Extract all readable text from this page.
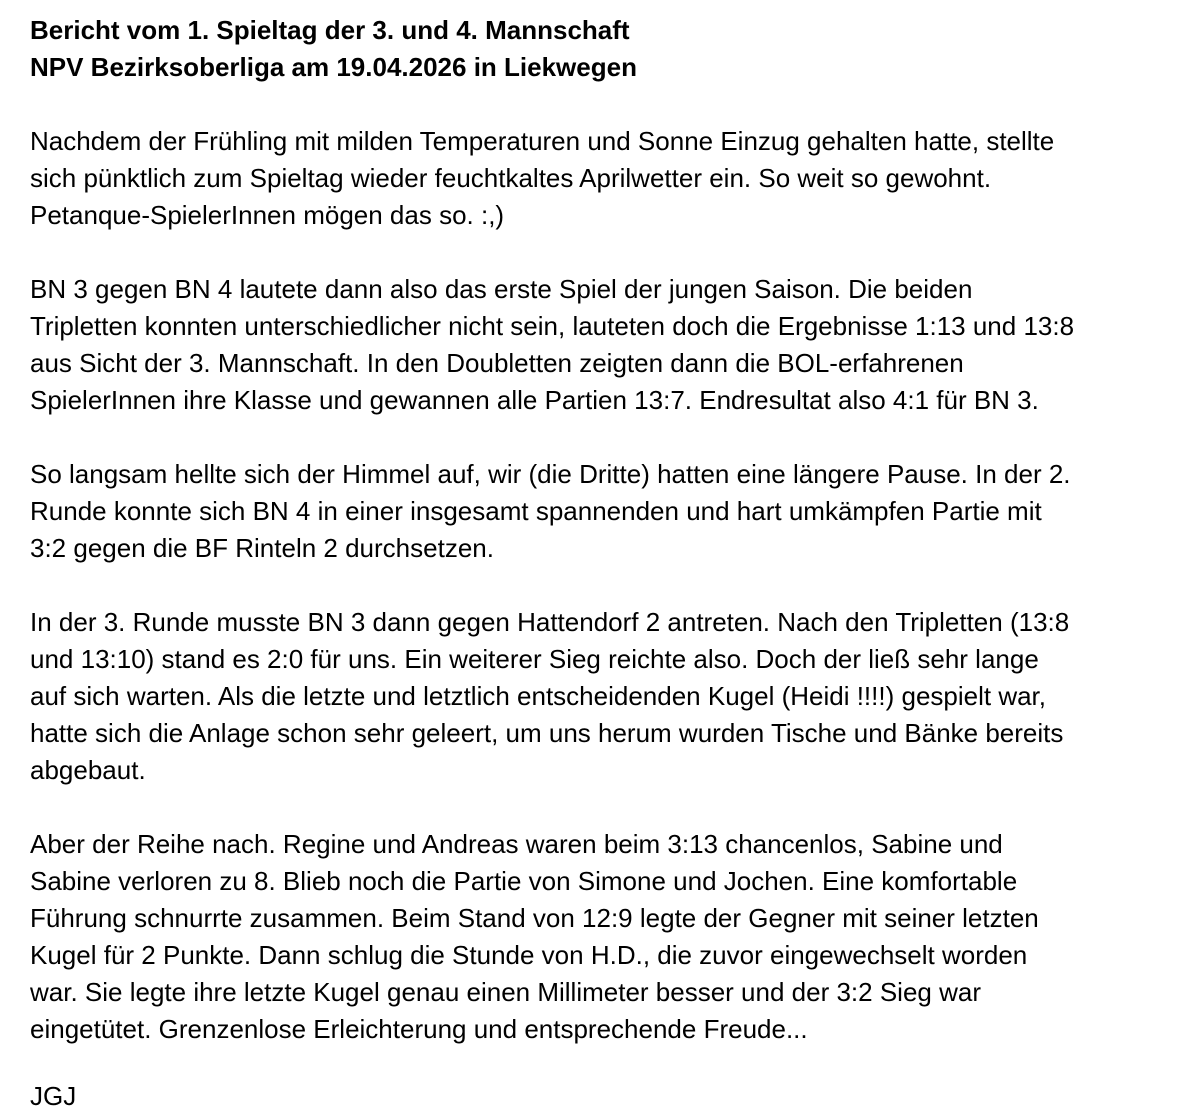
Bericht vom 1. Spieltag der 3. und 4. Mannschaft
NPV Bezirksoberliga am 19.04.2026 in Liekwegen
Nachdem der Frühling mit milden Temperaturen und Sonne Einzug gehalten hatte, stellte
sich pünktlich zum Spieltag wieder feuchtkaltes Aprilwetter ein. So weit so gewohnt.
Petanque-SpielerInnen mögen das so. :,)
BN 3 gegen BN 4 lautete dann also das erste Spiel der jungen Saison. Die beiden
Tripletten konnten unterschiedlicher nicht sein, lauteten doch die Ergebnisse 1:13 und 13:8
aus Sicht der 3. Mannschaft. In den Doubletten zeigten dann die BOL-erfahrenen
SpielerInnen ihre Klasse und gewannen alle Partien 13:7. Endresultat also 4:1 für BN 3.
So langsam hellte sich der Himmel auf, wir (die Dritte) hatten eine längere Pause. In der 2.
Runde konnte sich BN 4 in einer insgesamt spannenden und hart umkämpfen Partie mit
3:2 gegen die BF Rinteln 2 durchsetzen.
In der 3. Runde musste BN 3 dann gegen Hattendorf 2 antreten. Nach den Tripletten (13:8
und 13:10) stand es 2:0 für uns. Ein weiterer Sieg reichte also. Doch der ließ sehr lange
auf sich warten. Als die letzte und letztlich entscheidenden Kugel (Heidi !!!!) gespielt war,
hatte sich die Anlage schon sehr geleert, um uns herum wurden Tische und Bänke bereits
abgebaut.
Aber der Reihe nach. Regine und Andreas waren beim 3:13 chancenlos, Sabine und
Sabine verloren zu 8. Blieb noch die Partie von Simone und Jochen. Eine komfortable
Führung schnurrte zusammen. Beim Stand von 12:9 legte der Gegner mit seiner letzten
Kugel für 2 Punkte. Dann schlug die Stunde von H.D., die zuvor eingewechselt worden
war. Sie legte ihre letzte Kugel genau einen Millimeter besser und der 3:2 Sieg war
eingetütet. Grenzenlose Erleichterung und entsprechende Freude...
JGJ
